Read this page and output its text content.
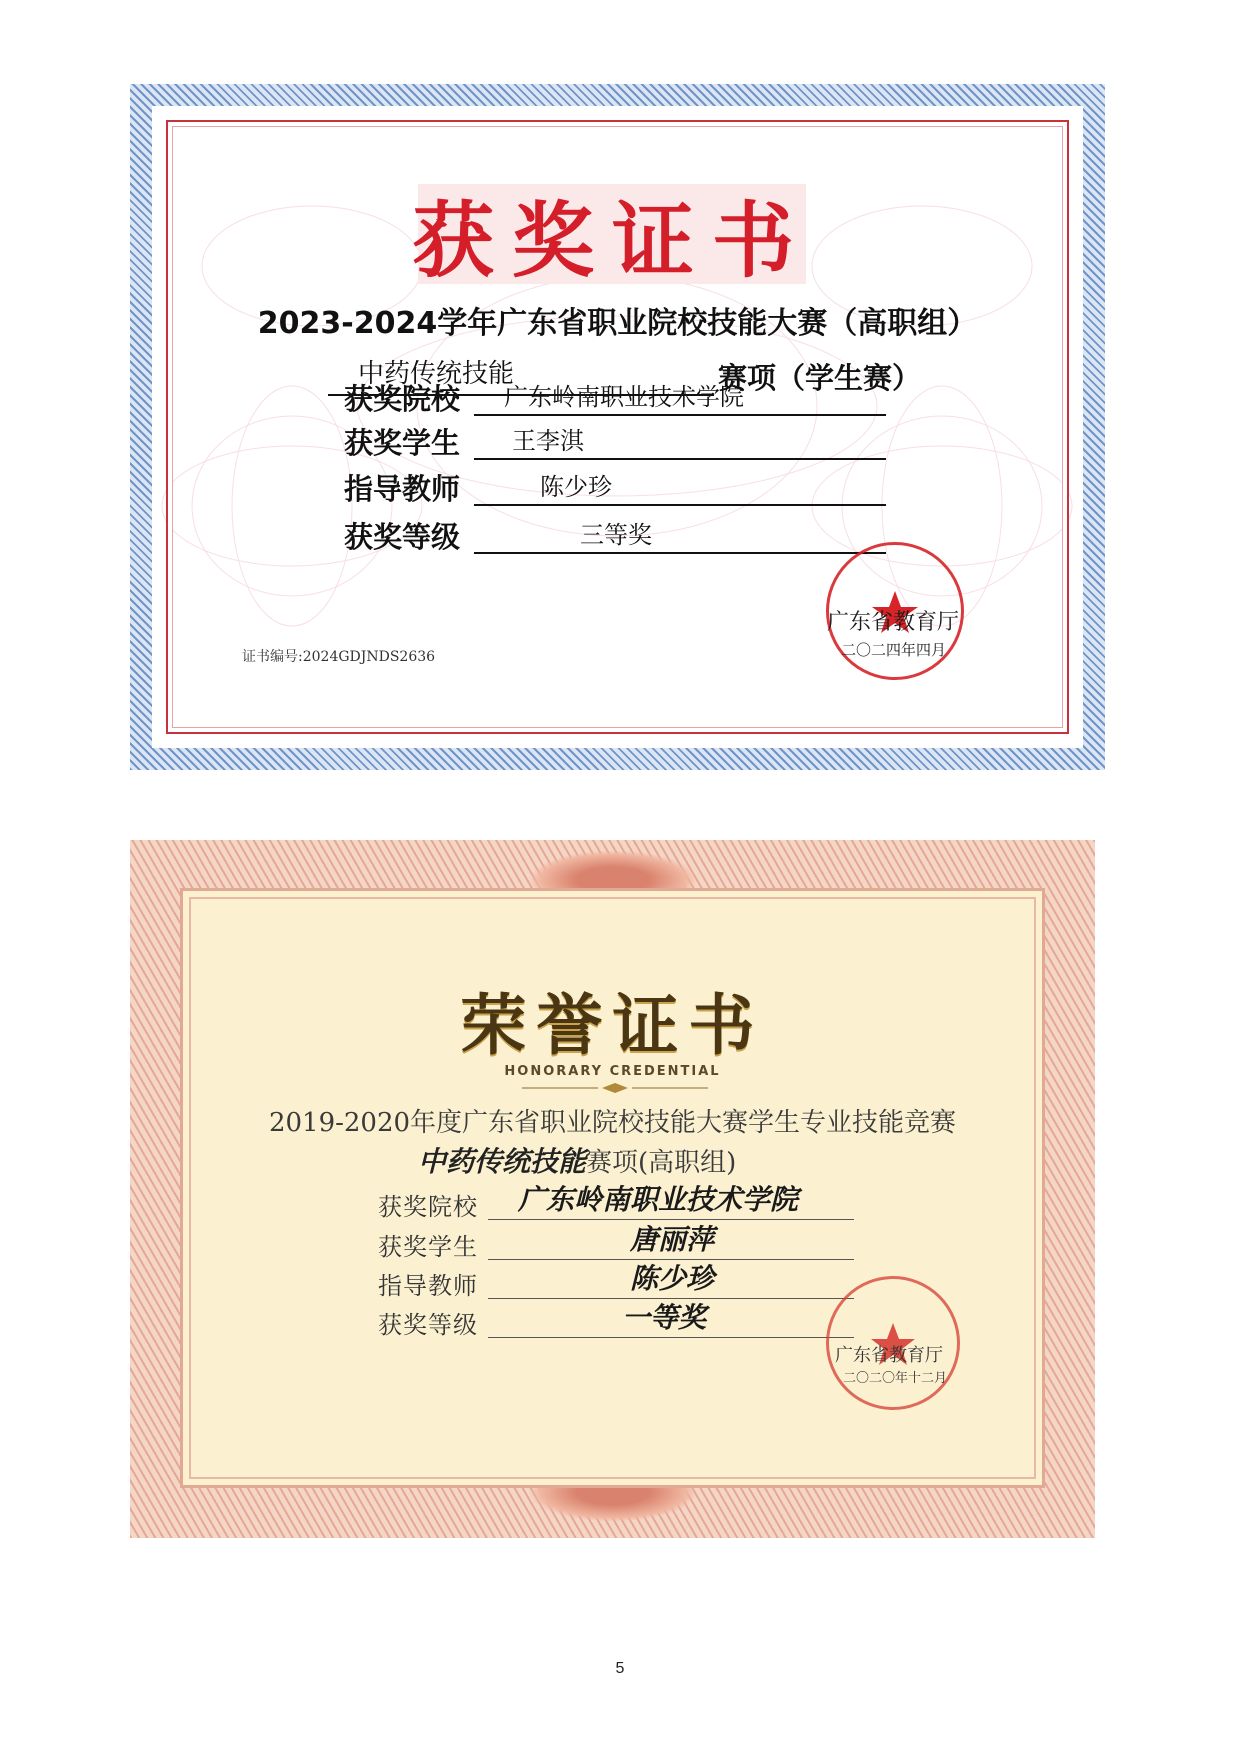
获奖证书
2023-2024学年广东省职业院校技能大赛（高职组）
中药传统技能	赛项（学生赛）
获奖院校 广东岭南职业技术学院
获奖学生 王李淇
指导教师	陈少珍
获奖等级	三等奖
证书编号:2024GDJNDS2636
广东省教育厅
二〇二四年四月
荣誉证书
HONORARY CREDENTIAL
2019-2020年度广东省职业院校技能大赛学生专业技能竞赛
中药传统技能赛项(高职组)
获奖院校 广东岭南职业技术学院
获奖学生	唐丽萍
指导教师	陈少珍
获奖等级	一等奖
广东省教育厅
二〇二〇年十二月
5
